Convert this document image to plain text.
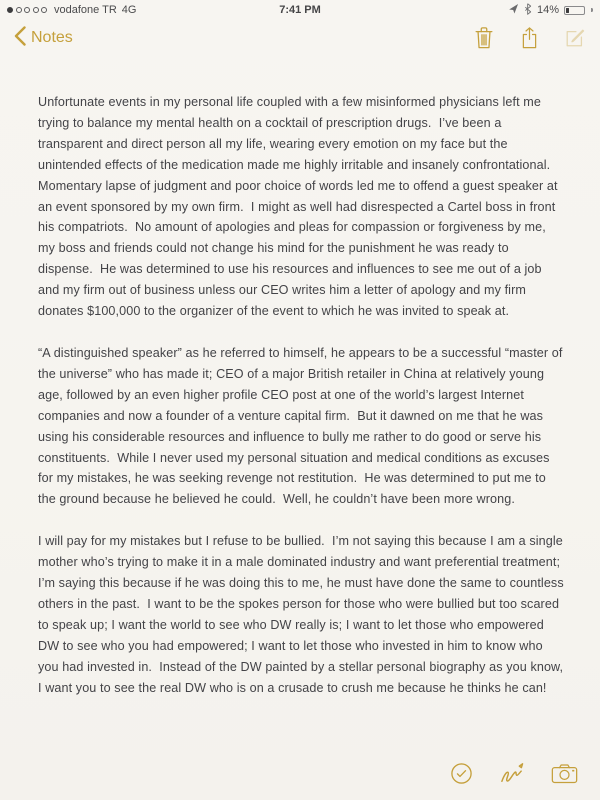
vodafone TR 4G	7:41 PM	14%
Notes

Unfortunate events in my personal life coupled with a few misinformed physicians left me trying to balance my mental health on a cocktail of prescription drugs.  I’ve been a transparent and direct person all my life, wearing every emotion on my face but the unintended effects of the medication made me highly irritable and insanely confrontational.  Momentary lapse of judgment and poor choice of words led me to offend a guest speaker at an event sponsored by my own firm.  I might as well had disrespected a Cartel boss in front his compatriots.  No amount of apologies and pleas for compassion or forgiveness by me, my boss and friends could not change his mind for the punishment he was ready to dispense.  He was determined to use his resources and influences to see me out of a job and my firm out of business unless our CEO writes him a letter of apology and my firm donates $100,000 to the organizer of the event to which he was invited to speak at.

“A distinguished speaker” as he referred to himself, he appears to be a successful “master of the universe” who has made it; CEO of a major British retailer in China at relatively young age, followed by an even higher profile CEO post at one of the world’s largest Internet companies and now a founder of a venture capital firm.  But it dawned on me that he was using his considerable resources and influence to bully me rather to do good or serve his constituents.  While I never used my personal situation and medical conditions as excuses for my mistakes, he was seeking revenge not restitution.  He was determined to put me to the ground because he believed he could.  Well, he couldn’t have been more wrong.

I will pay for my mistakes but I refuse to be bullied.  I’m not saying this because I am a single mother who’s trying to make it in a male dominated industry and want preferential treatment; I’m saying this because if he was doing this to me, he must have done the same to countless others in the past.  I want to be the spokes person for those who were bullied but too scared to speak up; I want the world to see who DW really is; I want to let those who empowered DW to see who you had empowered; I want to let those who invested in him to know who you had invested in.  Instead of the DW painted by a stellar personal biography as you know, I want you to see the real DW who is on a crusade to crush me because he thinks he can!
